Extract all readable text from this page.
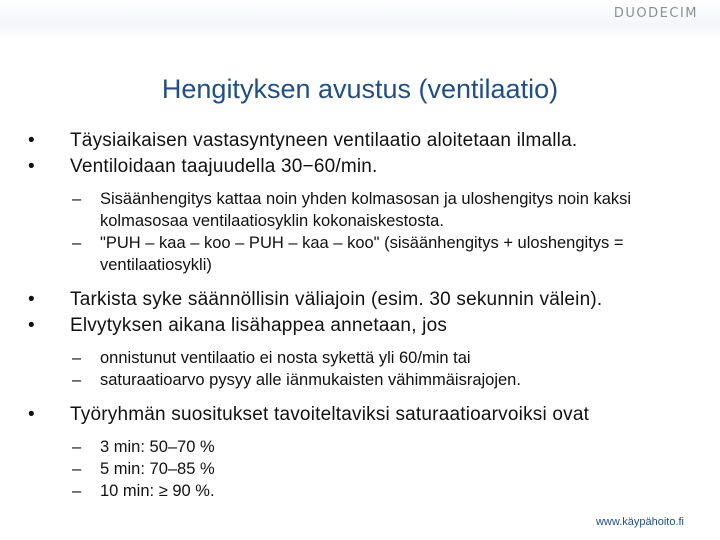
DUODECIM
Hengityksen avustus (ventilaatio)
•	Täysiaikaisen vastasyntyneen ventilaatio aloitetaan ilmalla.
•	Ventiloidaan taajuudella 30−60/min.
– Sisäänhengitys kattaa noin yhden kolmasosan ja uloshengitys noin kaksi kolmasosaa ventilaatiosyklin kokonaiskestosta.
– "PUH – kaa – koo – PUH – kaa – koo" (sisäänhengitys + uloshengitys = ventilaatiosykli)
•	Tarkista syke säännöllisin väliajoin (esim. 30 sekunnin välein).
•	Elvytyksen aikana lisähappea annetaan, jos
– onnistunut ventilaatio ei nosta sykettä yli 60/min tai
– saturaatioarvo pysyy alle iänmukaisten vähimmäisrajojen.
•	Työryhmän suositukset tavoiteltaviksi saturaatioarvoiksi ovat
– 3 min: 50–70 %
– 5 min: 70–85 %
– 10 min: ≥ 90 %.
www.käypähoito.fi
